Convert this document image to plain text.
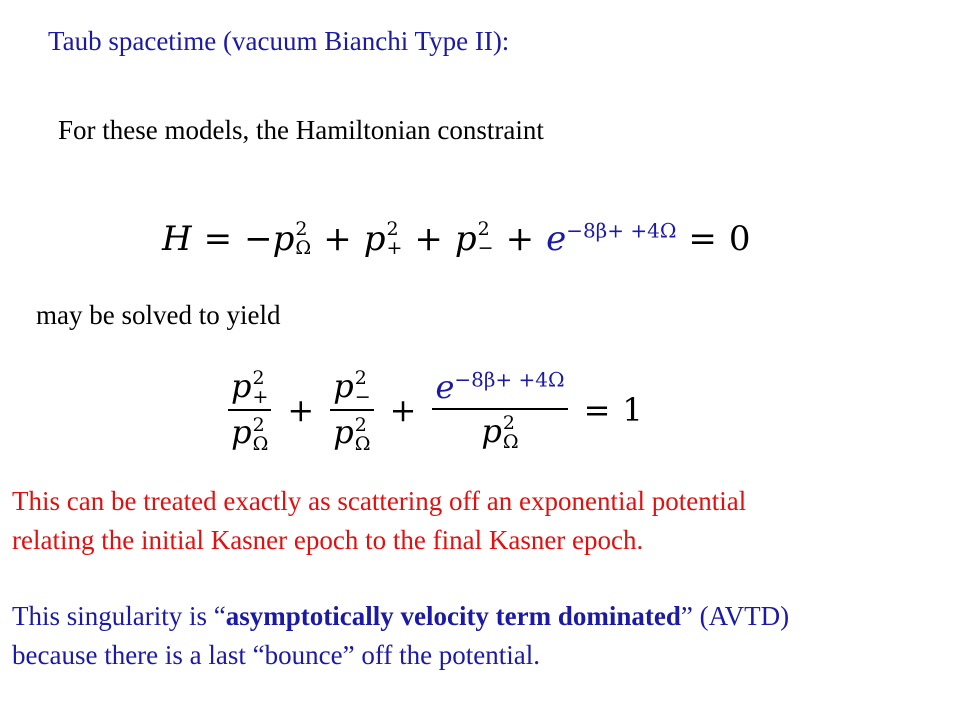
Taub spacetime (vacuum Bianchi Type II):
For these models, the Hamiltonian constraint
H = − p 2
Ω + p 2
+ + p 2
− + $e^{-8\beta+ +4\Omega} = 0$
may be solved to yield
p 2
+
p 2
Ω + p 2
−
p 2
$\Omega + e^{-8\beta+ +4\Omega}$
p 2
Ω = 1
This can be treated exactly as scattering off an exponential potential
relating the initial Kasner epoch to the final Kasner epoch.
This singularity is “asymptotically velocity term dominated” (AVTD)
because there is a last “bounce” off the potential.
